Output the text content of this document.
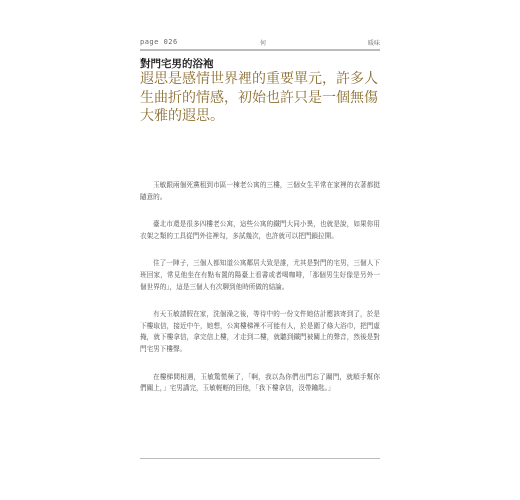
page 026	何	暖味
對門宅男的浴袍

遐思是感情世界裡的重要單元，許多人生曲折的情感，初始也許只是一個無傷大雅的遐思。

玉敏跟兩個死黨租到市區一棟老公寓的三樓，三個女生平常在家裡的衣著都挺隨意的。

臺北市還是很多四樓老公寓，這些公寓的鐵門大同小異，也就是說，如果你用衣架之類的工具從門外往裡勾，多試幾次，也許就可以把門鎖拉開。

住了一陣子，三個人都知道公寓鄰居大致是誰，尤其是對門的宅男，三個人下班回家，常見他坐在有點布置的陽臺上看書或者喝咖啡，「那個男生好像是另外一個世界的」，這是三個人有次聊到他時所做的結論。

有天玉敏請假在家，洗個澡之後，等待中的一份文件她估計應該寄到了，於是下樓取信，接近中午，她想，公寓樓梯裡不可能有人，於是圍了條大浴巾，把門虛掩，就下樓拿信，拿完信上樓，才走到二樓，就聽到鐵門被關上的聲音，然後是對門宅男下樓聲。

在樓梯間相遇，玉敏驚慌極了，「啊，我以為你們出門忘了關門，就順手幫你們關上，」宅男講完，玉敏輕輕的回他，「我下樓拿信，沒帶鑰匙。」
